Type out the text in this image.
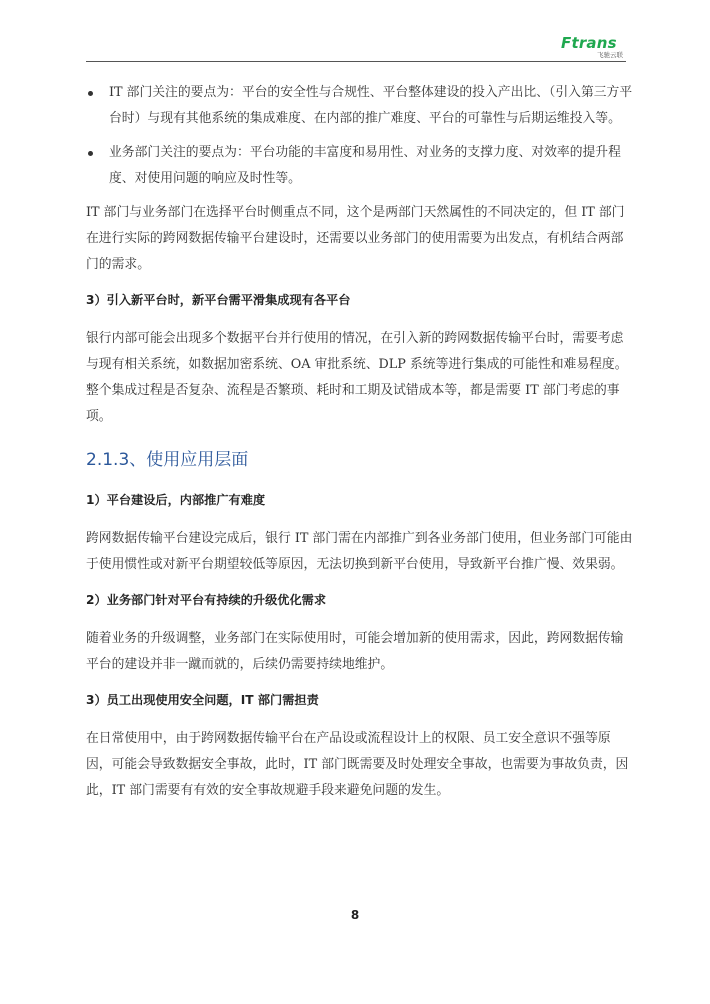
Ftrans
飞驰云联
IT 部门关注的要点为：平台的安全性与合规性、平台整体建设的投入产出比、（引入第三方平台时）与现有其他系统的集成难度、在内部的推广难度、平台的可靠性与后期运维投入等。
业务部门关注的要点为：平台功能的丰富度和易用性、对业务的支撑力度、对效率的提升程度、对使用问题的响应及时性等。

IT 部门与业务部门在选择平台时侧重点不同，这个是两部门天然属性的不同决定的，但 IT 部门在进行实际的跨网数据传输平台建设时，还需要以业务部门的使用需要为出发点，有机结合两部门的需求。

3）引入新平台时，新平台需平滑集成现有各平台

银行内部可能会出现多个数据平台并行使用的情况，在引入新的跨网数据传输平台时，需要考虑与现有相关系统，如数据加密系统、OA 审批系统、DLP 系统等进行集成的可能性和难易程度。整个集成过程是否复杂、流程是否繁琐、耗时和工期及试错成本等，都是需要 IT 部门考虑的事项。

2.1.3、使用应用层面
1）平台建设后，内部推广有难度

跨网数据传输平台建设完成后，银行 IT 部门需在内部推广到各业务部门使用，但业务部门可能由于使用惯性或对新平台期望较低等原因，无法切换到新平台使用，导致新平台推广慢、效果弱。

2）业务部门针对平台有持续的升级优化需求

随着业务的升级调整，业务部门在实际使用时，可能会增加新的使用需求，因此，跨网数据传输平台的建设并非一蹴而就的，后续仍需要持续地维护。

3）员工出现使用安全问题，IT 部门需担责

在日常使用中，由于跨网数据传输平台在产品设或流程设计上的权限、员工安全意识不强等原因，可能会导致数据安全事故，此时，IT 部门既需要及时处理安全事故，也需要为事故负责，因此，IT 部门需要有有效的安全事故规避手段来避免问题的发生。

8
